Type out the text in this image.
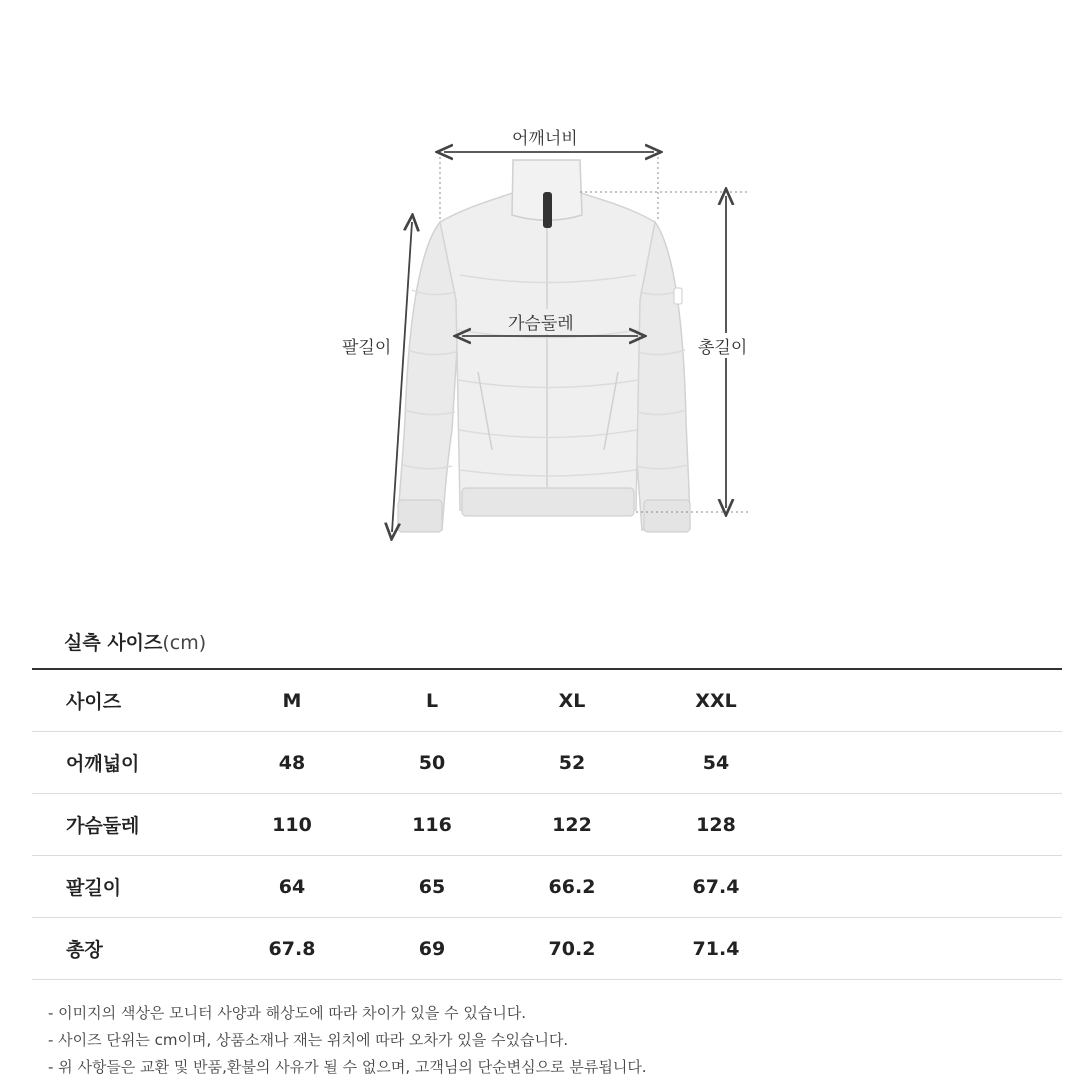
어깨너비
가슴둘레
팔길이	총길이
실측 사이즈(cm)
사이즈	M	L	XL	XXL	
어깨넓이	48	50	52	54	
가슴둘레	110	116	122	128	
팔길이	64	65	66.2	67.4	
총장	67.8	69	70.2	71.4	
- 이미지의 색상은 모니터 사양과 해상도에 따라 차이가 있을 수 있습니다.
- 사이즈 단위는 cm이며, 상품소재나 재는 위치에 따라 오차가 있을 수있습니다.
- 위 사항들은 교환 및 반품,환불의 사유가 될 수 없으며, 고객님의 단순변심으로 분류됩니다.
